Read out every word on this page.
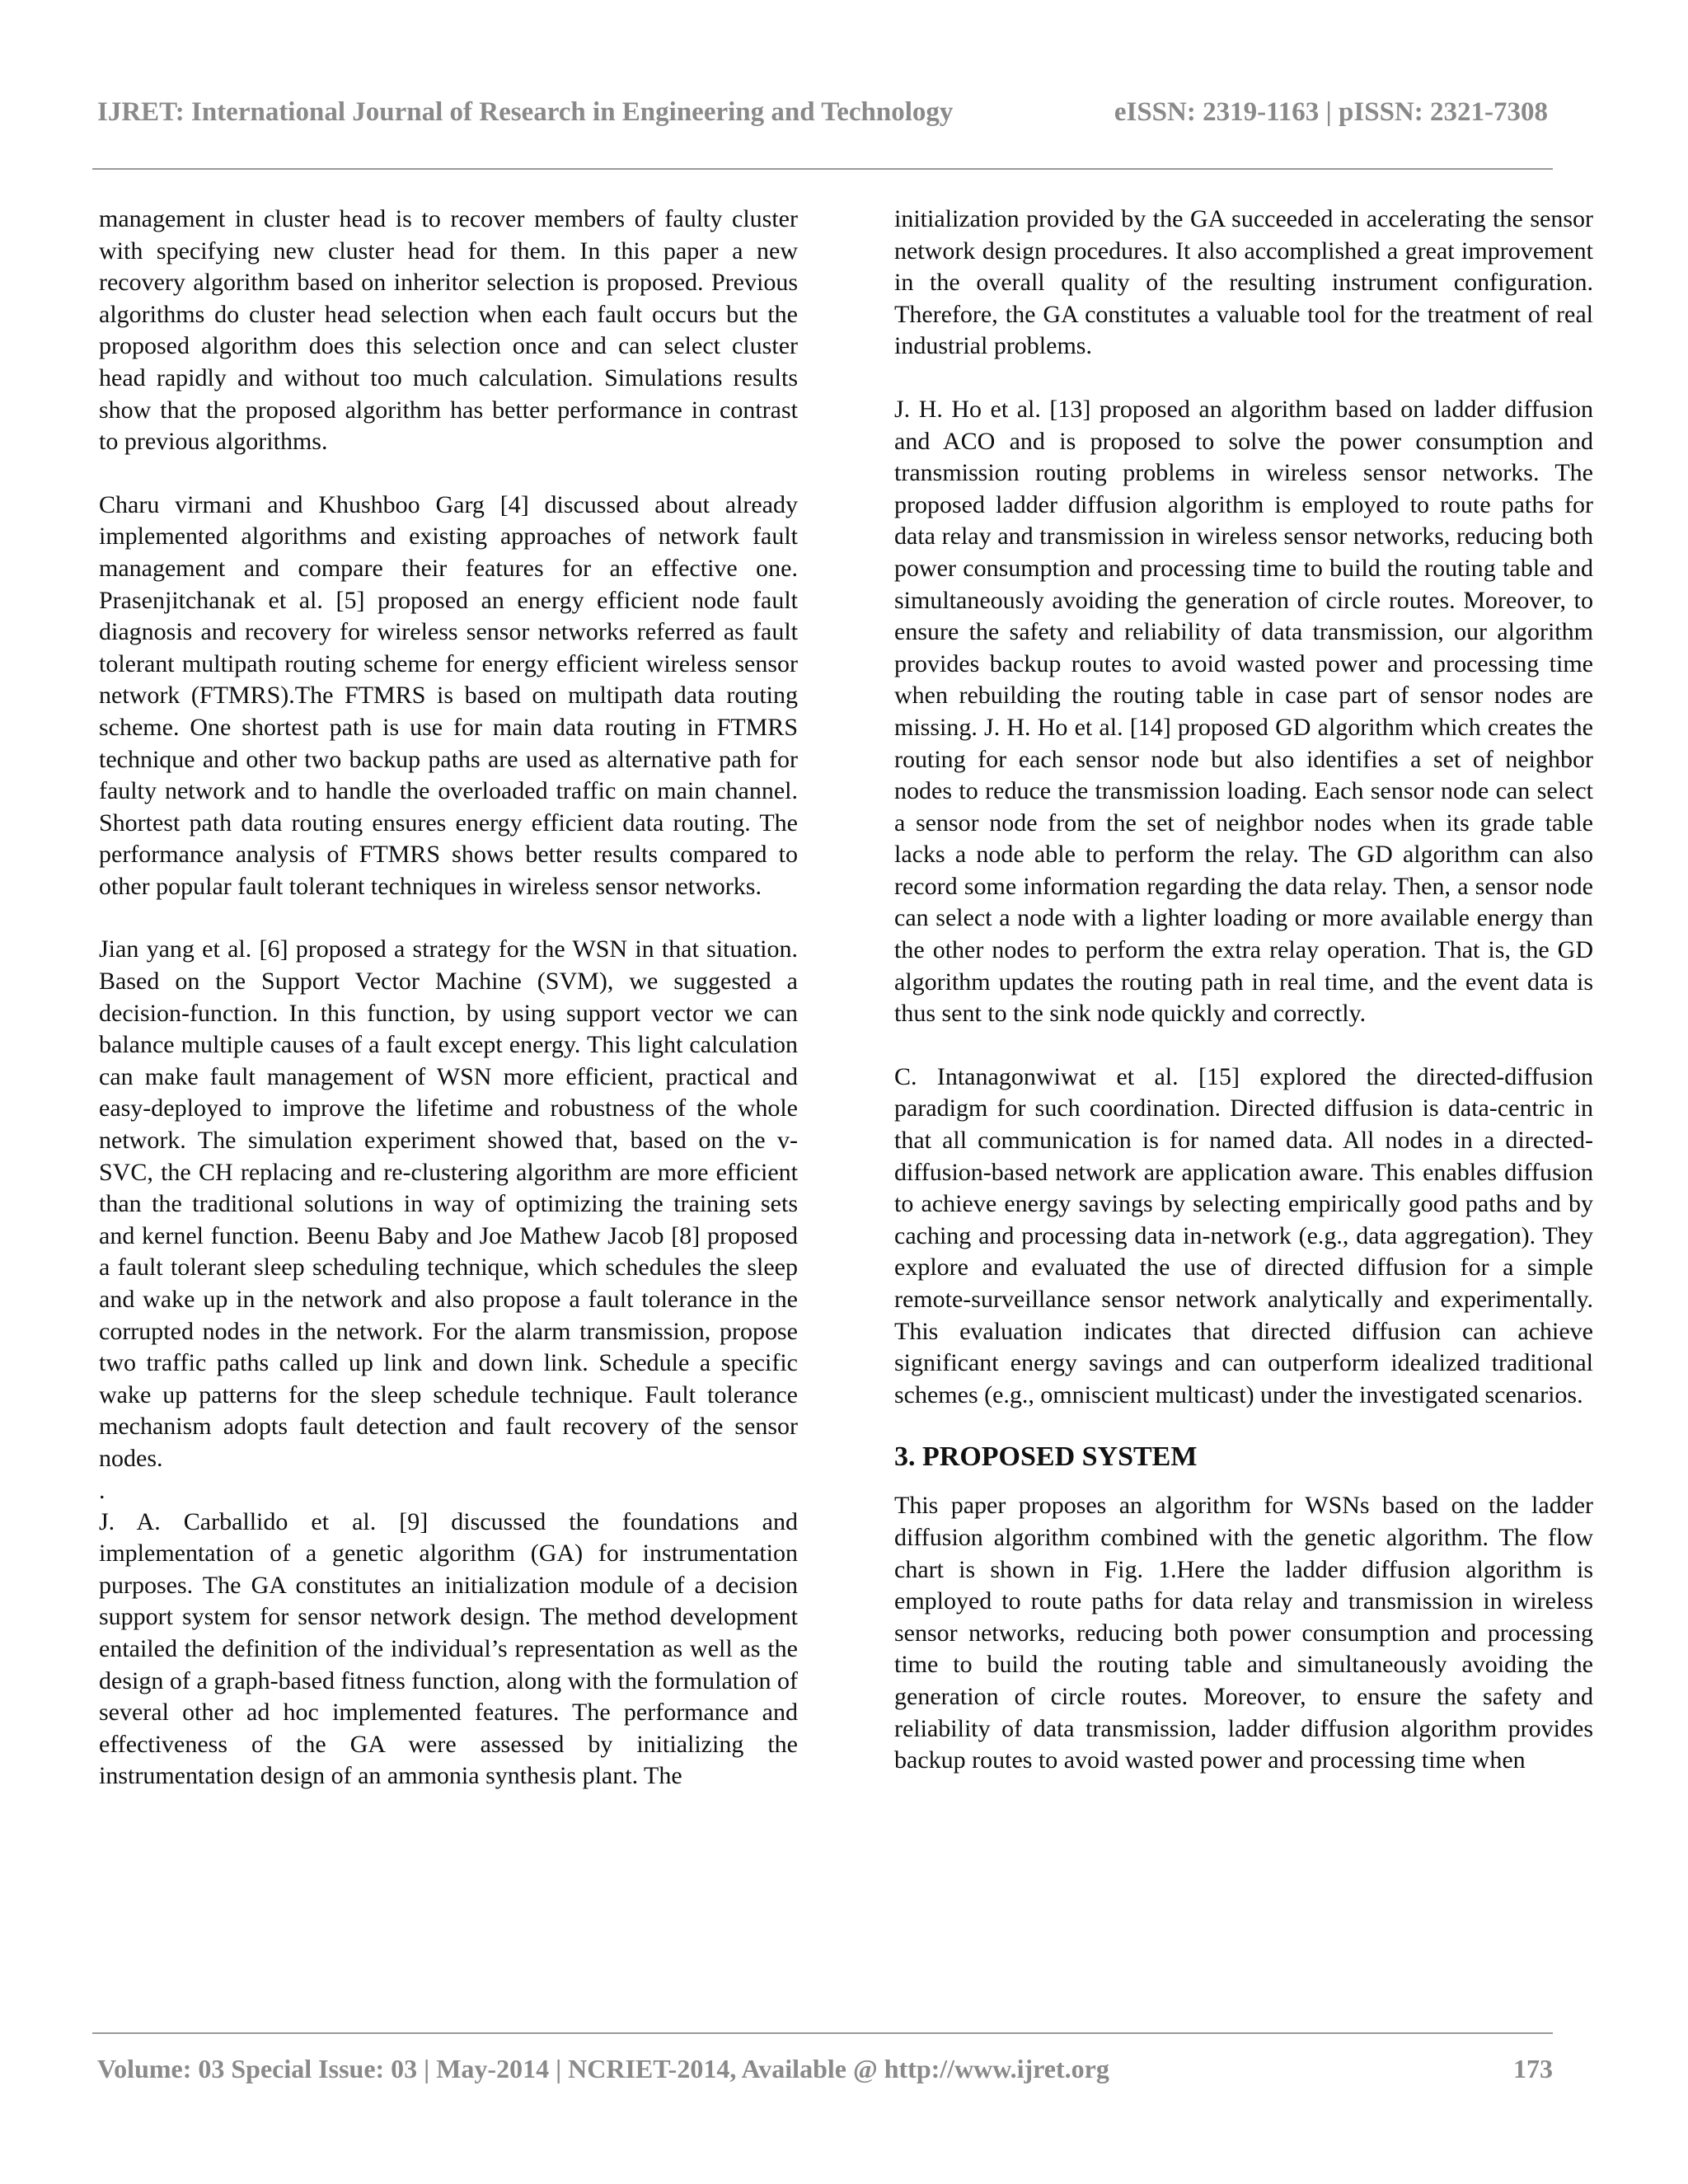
IJRET: International Journal of Research in Engineering and Technology	eISSN: 2319-1163 | pISSN: 2321-7308

management in cluster head is to recover members of faulty cluster with specifying new cluster head for them. In this paper a new recovery algorithm based on inheritor selection is proposed. Previous algorithms do cluster head selection when each fault occurs but the proposed algorithm does this selection once and can select cluster head rapidly and without too much calculation. Simulations results show that the proposed algorithm has better performance in contrast to previous algorithms.

Charu virmani and Khushboo Garg [4] discussed about already implemented algorithms and existing approaches of network fault management and compare their features for an effective one. Prasenjitchanak et al. [5] proposed an energy efficient node fault diagnosis and recovery for wireless sensor networks referred as fault tolerant multipath routing scheme for energy efficient wireless sensor network (FTMRS).The FTMRS is based on multipath data routing scheme. One shortest path is use for main data routing in FTMRS technique and other two backup paths are used as alternative path for faulty network and to handle the overloaded traffic on main channel. Shortest path data routing ensures energy efficient data routing. The performance analysis of FTMRS shows better results compared to other popular fault tolerant techniques in wireless sensor networks.

Jian yang et al. [6] proposed a strategy for the WSN in that situation. Based on the Support Vector Machine (SVM), we suggested a decision-function. In this function, by using support vector we can balance multiple causes of a fault except energy. This light calculation can make fault management of WSN more efficient, practical and easy-deployed to improve the lifetime and robustness of the whole network. The simulation experiment showed that, based on the v-SVC, the CH replacing and re-clustering algorithm are more efficient than the traditional solutions in way of optimizing the training sets and kernel function. Beenu Baby and Joe Mathew Jacob [8] proposed a fault tolerant sleep scheduling technique, which schedules the sleep and wake up in the network and also propose a fault tolerance in the corrupted nodes in the network. For the alarm transmission, propose two traffic paths called up link and down link. Schedule a specific wake up patterns for the sleep schedule technique. Fault tolerance mechanism adopts fault detection and fault recovery of the sensor nodes.

.

J. A. Carballido et al. [9] discussed the foundations and implementation of a genetic algorithm (GA) for instrumentation purposes. The GA constitutes an initialization module of a decision support system for sensor network design. The method development entailed the definition of the individual’s representation as well as the design of a graph-based fitness function, along with the formulation of several other ad hoc implemented features. The performance and effectiveness of the GA were assessed by initializing the instrumentation design of an ammonia synthesis plant. The

initialization provided by the GA succeeded in accelerating the sensor network design procedures. It also accomplished a great improvement in the overall quality of the resulting instrument configuration. Therefore, the GA constitutes a valuable tool for the treatment of real industrial problems.

J. H. Ho et al. [13] proposed an algorithm based on ladder diffusion and ACO and is proposed to solve the power consumption and transmission routing problems in wireless sensor networks. The proposed ladder diffusion algorithm is employed to route paths for data relay and transmission in wireless sensor networks, reducing both power consumption and processing time to build the routing table and simultaneously avoiding the generation of circle routes. Moreover, to ensure the safety and reliability of data transmission, our algorithm provides backup routes to avoid wasted power and processing time when rebuilding the routing table in case part of sensor nodes are missing. J. H. Ho et al. [14] proposed GD algorithm which creates the routing for each sensor node but also identifies a set of neighbor nodes to reduce the transmission loading. Each sensor node can select a sensor node from the set of neighbor nodes when its grade table lacks a node able to perform the relay. The GD algorithm can also record some information regarding the data relay. Then, a sensor node can select a node with a lighter loading or more available energy than the other nodes to perform the extra relay operation. That is, the GD algorithm updates the routing path in real time, and the event data is thus sent to the sink node quickly and correctly.

C. Intanagonwiwat et al. [15] explored the directed-diffusion paradigm for such coordination. Directed diffusion is data-centric in that all communication is for named data. All nodes in a directed-diffusion-based network are application aware. This enables diffusion to achieve energy savings by selecting empirically good paths and by caching and processing data in-network (e.g., data aggregation). They explore and evaluated the use of directed diffusion for a simple remote-surveillance sensor network analytically and experimentally. This evaluation indicates that directed diffusion can achieve significant energy savings and can outperform idealized traditional schemes (e.g., omniscient multicast) under the investigated scenarios.

3. PROPOSED SYSTEM

This paper proposes an algorithm for WSNs based on the ladder diffusion algorithm combined with the genetic algorithm. The flow chart is shown in Fig. 1.Here the ladder diffusion algorithm is employed to route paths for data relay and transmission in wireless sensor networks, reducing both power consumption and processing time to build the routing table and simultaneously avoiding the generation of circle routes. Moreover, to ensure the safety and reliability of data transmission, ladder diffusion algorithm provides backup routes to avoid wasted power and processing time when

Volume: 03 Special Issue: 03 | May-2014 | NCRIET-2014, Available @ http://www.ijret.org	173
